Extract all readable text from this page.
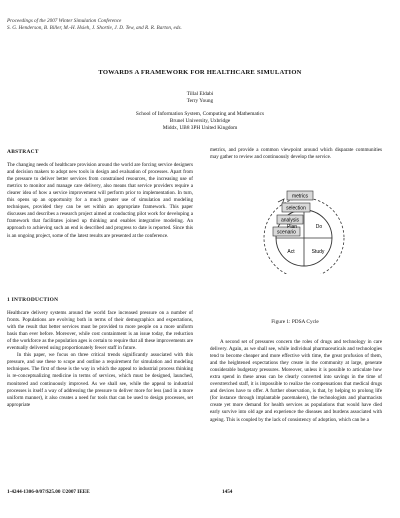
Proceedings of the 2007 Winter Simulation Conference
S. G. Henderson, B. Biller, M.-H. Hsieh, J. Shortle, J. D. Tew, and R. R. Barton, eds.
TOWARDS A FRAMEWORK FOR HEALTHCARE SIMULATION
Tillal Eldabi
Terry Young
School of Information System, Computing and Mathematics
Brunel University, Uxbridge
Middx, UB8 3PH United Kingdom
ABSTRACT

The changing needs of healthcare provision around the world are forcing service designers and decision makers to adopt new tools in design and evaluation of processes. Apart from the pressure to deliver better services from constrained resources, the increasing use of metrics to monitor and manage care delivery, also means that service providers require a clearer idea of how a service improvement will perform prior to implementation. In turn, this opens up an opportunity for a much greater use of simulation and modeling techniques, provided they can be set within an appropriate framework. This paper discusses and describes a research project aimed at conducting pilot work for developing a framework that facilitates joined up thinking and enables integrative modeling. An approach to achieving such an end is described and progress to date is reported. Since this is an ongoing project, some of the latest results are presented at the conference.

1 INTRODUCTION

Healthcare delivery systems around the world face increased pressure on a number of fronts. Populations are evolving both in terms of their demographics and expectations, with the result that better services must be provided to more people on a more uniform basis than ever before. Moreover, while cost containment is an issue today, the reduction of the workforce as the population ages is certain to require that all these improvements are eventually delivered using proportionately fewer staff in future.

In this paper, we focus on three critical trends significantly associated with this pressure, and use these to scope and outline a requirement for simulation and modeling techniques. The first of these is the way in which the appeal to industrial process thinking is re-conceptualizing medicine in terms of services, which must be designed, launched, monitored and continuously improved. As we shall see, while the appeal to industrial processes is itself a way of addressing the pressure to deliver more for less (and in a more uniform manner), it also creates a need for tools that can be used to design processes, set appropriate

metrics, and provide a common viewpoint around which disparate communities may gather to review and continuously develop the service.

metrics
selection
analysis
scenario
Do
Plan
Act	Study
Figure 1: PDSA Cycle

A second set of pressures concern the roles of drugs and technology in care delivery. Again, as we shall see, while individual pharmaceuticals and technologies tend to become cheaper and more effective with time, the great profusion of them, and the heightened expectations they create in the community at large, generate considerable budgetary pressures. Moreover, unless it is possible to articulate how extra spend in these areas can be clearly converted into savings in the time of overstretched staff, it is impossible to realize the compensations that medical drugs and devices have to offer. A further observation, is that, by helping to prolong life (for instance through implantable pacemakers), the technologists and pharmacists create yet more demand for health services as populations that would have died early survive into old age and experience the diseases and burdens associated with ageing. This is coupled by the lack of consistency of adoption, which can be a

1-4244-1306-0/07/$25.00 ©2007 IEEE	1454
